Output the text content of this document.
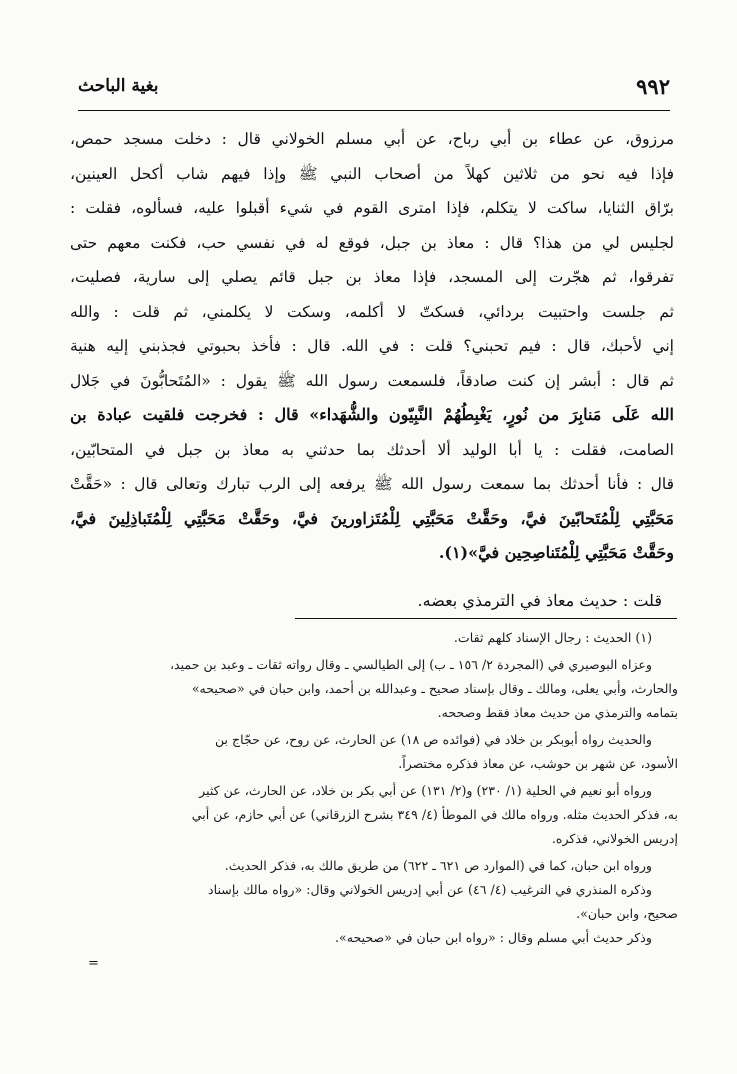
٩٩٢
بغية الباحث
مرزوق، عن عطاء بن أبي رباح، عن أبي مسلم الخولاني قال : دخلت مسجد حمص،
فإذا فيه نحو من ثلاثين كهلاً من أصحاب النبي ﷺ وإذا فيهم شاب أكحل العينين،
برّاق الثنايا، ساكت لا يتكلم، فإذا امترى القوم في شيء أقبلوا عليه، فسألوه، فقلت :
لجليس لي من هذا؟ قال : معاذ بن جبل، فوقع له في نفسي حب، فكنت معهم حتى
تفرقوا، ثم هجّرت إلى المسجد، فإذا معاذ بن جبل قائم يصلي إلى سارية، فصليت،
ثم جلست واحتبيت بردائي، فسكتّ لا أكلمه، وسكت لا يكلمني، ثم قلت : والله
إني لأحبك، قال : فيم تحبني؟ قلت : في الله. قال : فأخذ بحبوتي فجذبني إليه هنية
ثم قال : أبشر إن كنت صادقاً، فلسمعت رسول الله ﷺ يقول : «المُتَحابُّونَ في جَلال
الله عَلَى مَنابِرَ من نُورٍ، يَغْبِطُهُمْ النَّبِيّون والشُّهَداء» قال : فخرجت فلقيت عبادة بن
الصامت، فقلت : يا أبا الوليد ألا أحدثك بما حدثني به معاذ بن جبل في المتحابّين،
قال : فأنا أحدثك بما سمعت رسول الله ﷺ يرفعه إلى الرب تبارك وتعالى قال : «حَقَّتْ
مَحَبَّتِي لِلْمُتَحابّينَ فيَّ، وحَقَّتْ مَحَبَّتِي لِلْمُتَزاورينَ فيَّ، وحَقَّتْ مَحَبَّتِي لِلْمُتَباذِلِينَ فيَّ،
وحَقَّتْ مَحَبَّتِي لِلْمُتَناصِحِين فيَّ»(١).
قلت : حديث معاذ في الترمذي بعضه.
(١) الحديث : رجال الإسناد كلهم ثقات.
وعزاه البوصيري في (المجردة ٢/ ١٥٦ ـ ب) إلى الطيالسي ـ وقال رواته ثقات ـ وعبد بن حميد،
والحارث، وأبي يعلى، ومالك ـ وقال بإسناد صحيح ـ وعبدالله بن أحمد، وابن حبان في «صحيحه»
بتمامه والترمذي من حديث معاذ فقط وصححه.
والحديث رواه أبوبكر بن خلاد في (فوائده ص ١٨) عن الحارث، عن روح، عن حجّاج بن
الأسود، عن شهر بن حوشب، عن معاذ فذكره مختصراً.
ورواه أبو نعيم في الحلية (١/ ٢٣٠) و(٢/ ١٣١) عن أبي بكر بن خلاد، عن الحارث، عن كثير
به، فذكر الحديث مثله. ورواه مالك في الموطأ (٤/ ٣٤٩ بشرح الزرقاني) عن أبي حازم، عن أبي
إدريس الخولاني، فذكره.
ورواه ابن حبان، كما في (الموارد ص ٦٢١ ـ ٦٢٢) من طريق مالك به، فذكر الحديث.
وذكره المنذري في الترغيب (٤/ ٤٦) عن أبي إدريس الخولاني وقال: «رواه مالك بإسناد
صحيح، وابن حبان».
وذكر حديث أبي مسلم وقال : «رواه ابن حبان في «صحيحه».
=
